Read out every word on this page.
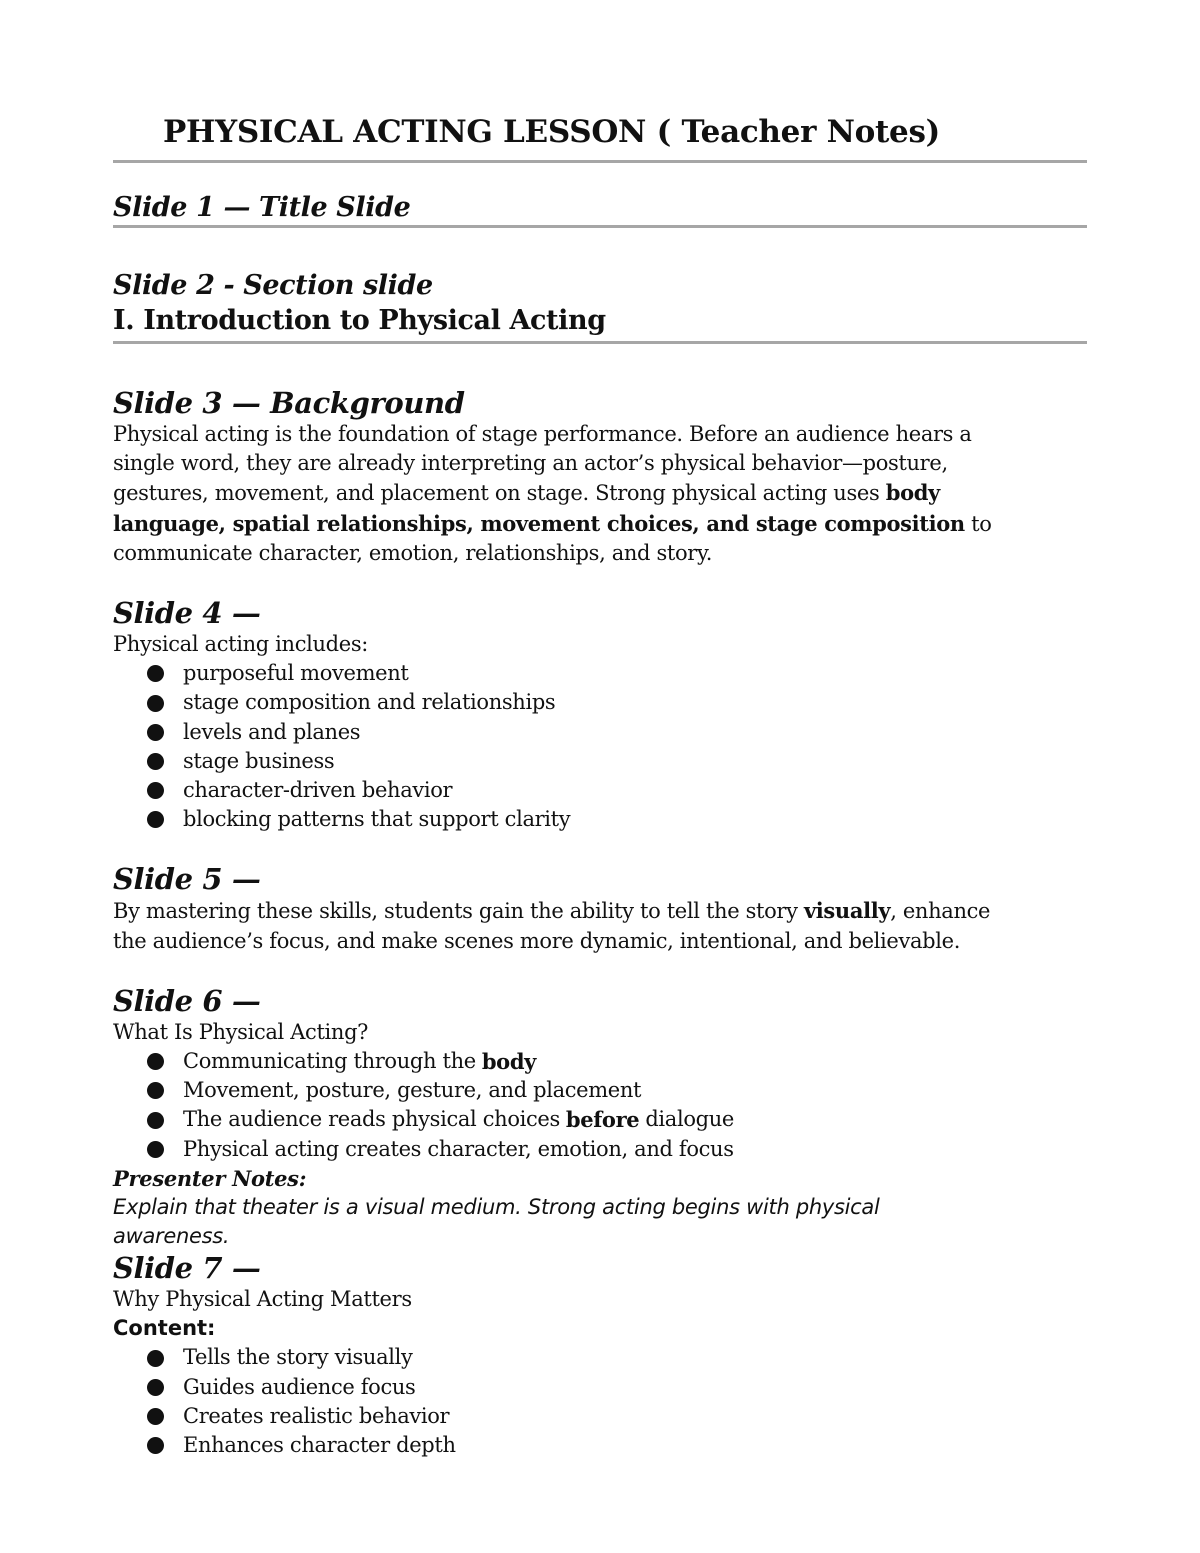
PHYSICAL ACTING LESSON ( Teacher Notes)
Slide 1 — Title Slide
Slide 2 - Section slide
I. Introduction to Physical Acting
Slide 3 — Background
Physical acting is the foundation of stage performance. Before an audience hears a
single word, they are already interpreting an actor’s physical behavior—posture,
gestures, movement, and placement on stage. Strong physical acting uses body
language, spatial relationships, movement choices, and stage composition to
communicate character, emotion, relationships, and story.
Slide 4 —
Physical acting includes:
purposeful movement
stage composition and relationships
levels and planes
stage business
character-driven behavior
blocking patterns that support clarity
Slide 5 —
By mastering these skills, students gain the ability to tell the story visually, enhance
the audience’s focus, and make scenes more dynamic, intentional, and believable.
Slide 6 —
What Is Physical Acting?
Communicating through the body
Movement, posture, gesture, and placement
The audience reads physical choices before dialogue
Physical acting creates character, emotion, and focus
Presenter Notes:
Explain that theater is a visual medium. Strong acting begins with physical
awareness.
Slide 7 —
Why Physical Acting Matters
Content:
Tells the story visually
Guides audience focus
Creates realistic behavior
Enhances character depth
